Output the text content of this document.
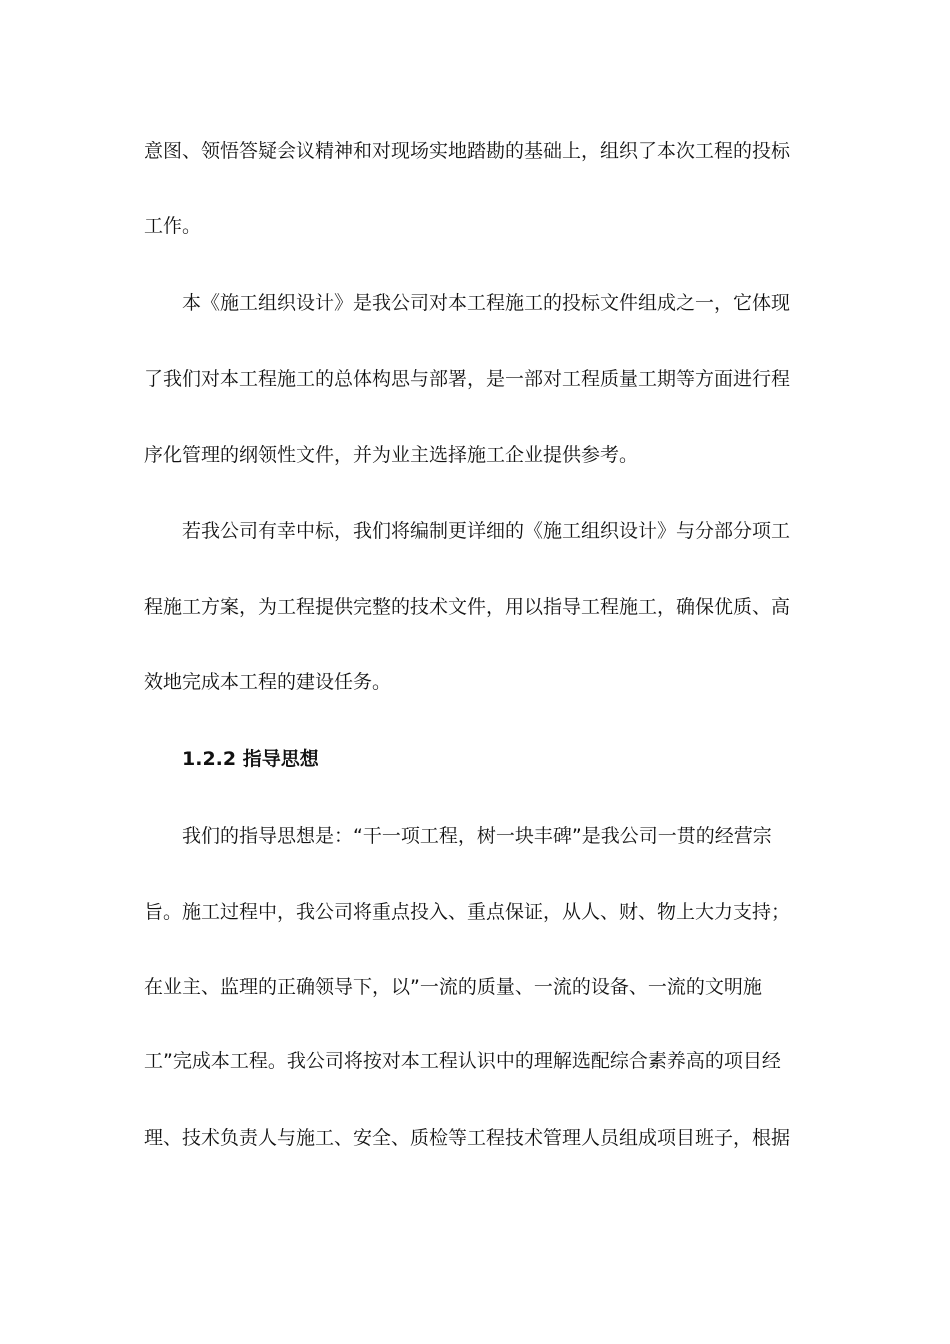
意图、领悟答疑会议精神和对现场实地踏勘的基础上，组织了本次工程的投标
工作。
本《施工组织设计》是我公司对本工程施工的投标文件组成之一，它体现
了我们对本工程施工的总体构思与部署，是一部对工程质量工期等方面进行程
序化管理的纲领性文件，并为业主选择施工企业提供参考。
若我公司有幸中标，我们将编制更详细的《施工组织设计》与分部分项工
程施工方案，为工程提供完整的技术文件，用以指导工程施工，确保优质、高
效地完成本工程的建设任务。
1.2.2 指导思想
我们的指导思想是：“干一项工程，树一块丰碑”是我公司一贯的经营宗
旨。施工过程中，我公司将重点投入、重点保证，从人、财、物上大力支持；
在业主、监理的正确领导下，以”一流的质量、一流的设备、一流的文明施
工”完成本工程。我公司将按对本工程认识中的理解选配综合素养高的项目经
理、技术负责人与施工、安全、质检等工程技术管理人员组成项目班子，根据
